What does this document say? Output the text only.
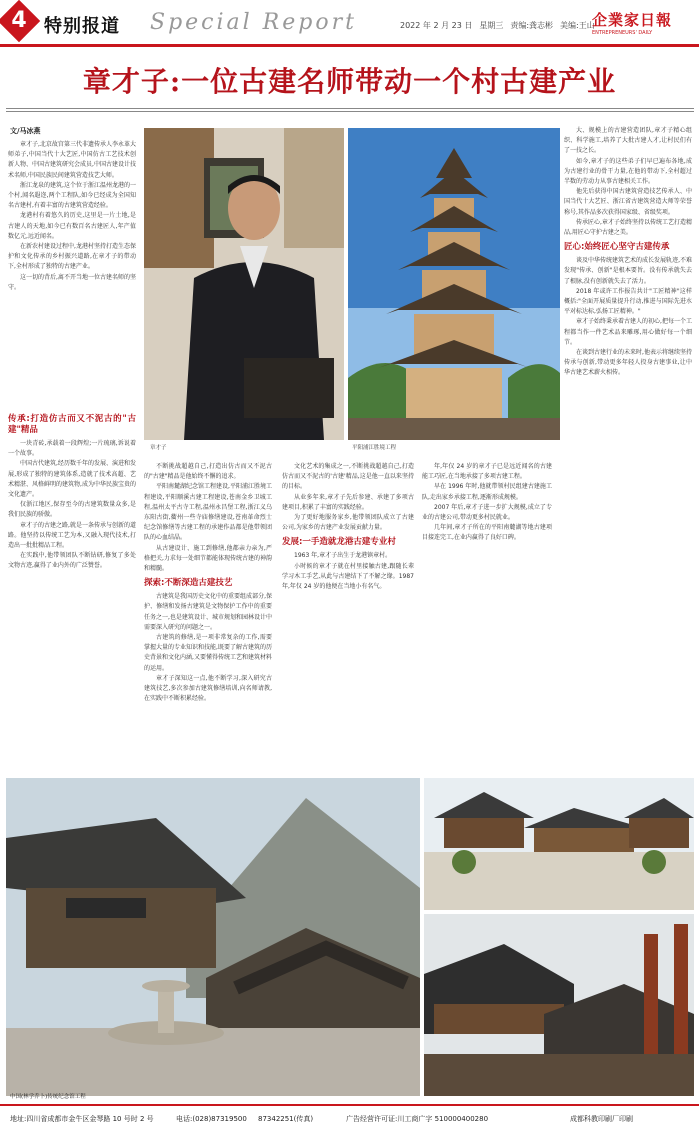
4 特别报道 Special Report	2022 年 2 月 23 日 星期三 责编:龚志彬 美编:王山
企業家日報
ENTREPRENEURS' DAILY
章才子:一位古建名师带动一个村古建产业
文/马冰燕

章才子,北京故宫第三代非遗传承人李永革大师弟子,中国当代十大艺匠,中国仿古工艺技术创新人物、中国古建筑研究会成员,中国古建设计技术名师,中国民族民间建筑营造技艺大师。

浙江龙泉的建筑,这个位于浙江温州龙港的一个村,闻名遐迩,两个工程队,如今已经成为全国知名古建村,有着丰富的古建筑营造经验。

龙港村有着悠久的历史,这里是一片土地,是古建人的天地,如今已有数百名古建匠人,年产值数亿元,远近闻名。

在新农村建设过程中,龙港村坚持打造生态保护和文化传承的乡村振兴道路,在章才子的带动下,全村形成了独特的古建产业。

这一切的背后,离不开当地一位古建名师的坚守。

传承:打造仿古而又不泥古的"古建"精品

一块青砖,承载着一段辉煌;一片琉璃,诉说着一个故事。

中国古代建筑,经历数千年的发展、演进和发展,形成了独特的建筑体系,造就了技术高超、艺术精湛、风格鲜明的建筑物,成为中华民族宝贵的文化遗产。

仅浙江地区,保存至今的古建筑数量众多,是我们民族的骄傲。

章才子的古建之路,就是一条传承与创新的道路。他坚持以传统工艺为本,又融入现代技术,打造出一批批精品工程。

在实践中,他带领团队不断钻研,修复了多处文物古迹,赢得了业内外的广泛赞誉。

章才子	平阳浦江胜境工程

不断挑战超越自己,打造出仿古而又不泥古的"古建"精品是他始终不懈的追求。

平阳南麓湖纪念馆工程建设,平阳浦江胜境工程建设,平阳顺溪古建工程建设,苍南金乡卫城工程,温州太平古寺工程,温州永昌堡工程,浙江义乌东阳古街,衢州一些寺庙修缮建设,苍南革命烈士纪念馆修缮等古建工程的承建作品都是他带领团队的心血结晶。

从古建设计、施工到修缮,他都亲力亲为,严格把关,力求每一处细节都能体现传统古建的神韵和精髓。

探索:不断深造古建技艺

古建筑是我国历史文化中的重要组成部分,保护、修缮和发扬古建筑是文物保护工作中的重要任务之一,也是建筑设计、城市规划和园林设计中需要深入研究的问题之一。

古建筑的修缮,是一项非常复杂的工作,需要掌握大量的专业知识和技能,既要了解古建筑的历史背景和文化内涵,又要懂得传统工艺和建筑材料的运用。

章才子深知这一点,他不断学习,深入研究古建筑技艺,多次参加古建筑修缮培训,向名师请教,在实践中不断积累经验。

文化艺术的集成之一,不断挑战超越自己,打造仿古而又不泥古的'古建'精品,这是他一直以来坚持的目标。

从业多年来,章才子先后参建、承建了多项古建项目,积累了丰富的实践经验。

为了更好地服务家乡,他带领团队成立了古建公司,为家乡的古建产业发展贡献力量。

发展:一手造就龙港古建专业村

1963 年,章才子出生于龙港镇章村。

小时候的章才子就在村里接触古建,跟随长辈学习木工手艺,从此与古建结下了不解之缘。1987年,年仅 24 岁的他便在当地小有名气。

年,年仅 24 岁的章才子已是远近闻名的古建能工巧匠,在当地承接了多项古建工程。

早在 1996 年时,他就带领村民组建古建施工队,走出家乡承接工程,逐渐形成规模。

2007 年后,章才子进一步扩大规模,成立了专业的古建公司,带动更多村民就业。

几年间,章才子所在的平阳南麓湖等地古建项目接连完工,在业内赢得了良好口碑。

大、规模上的古建营造团队,章才子精心组织、科学施工,培养了大批古建人才,让村民们有了一技之长。

如今,章才子的这些弟子们早已遍布各地,成为古建行业的骨干力量,在他的带动下,全村超过半数的劳动力从事古建相关工作。

他先后获得中国古建筑营造技艺传承人、中国当代十大艺匠、浙江省古建筑营造大师等荣誉称号,其作品多次获得国家级、省级奖项。

传承匠心,章才子始终坚持以传统工艺打造精品,用匠心守护古建之美。

匠心:始终匠心坚守古建传承

谈及中华传统建筑艺术的成长发展轨迹,不难发现"传承、创新"是根本要旨。没有传承就失去了根脉,没有创新就失去了活力。

2018 年或许工作报告共计"工匠精神"这样概括:"全面开展质量提升行动,推进与国际先进水平对标达标,弘扬工匠精神。"

章才子始终秉承着古建人的初心,把每一个工程都当作一件艺术品来雕琢,用心做好每一个细节。

在谈到古建行业的未来时,他表示将继续坚持传承与创新,带动更多年轻人投身古建事业,让中华古建艺术薪火相传。

中国(林学乔卜)传统纪念馆工程
地址:四川省成都市金牛区金琴路 10 号时 2 号	电话:(028)87319500 87342251(传真)	广告经营许可证:川工商广字 510000400280	成都科教印刷厂印刷
